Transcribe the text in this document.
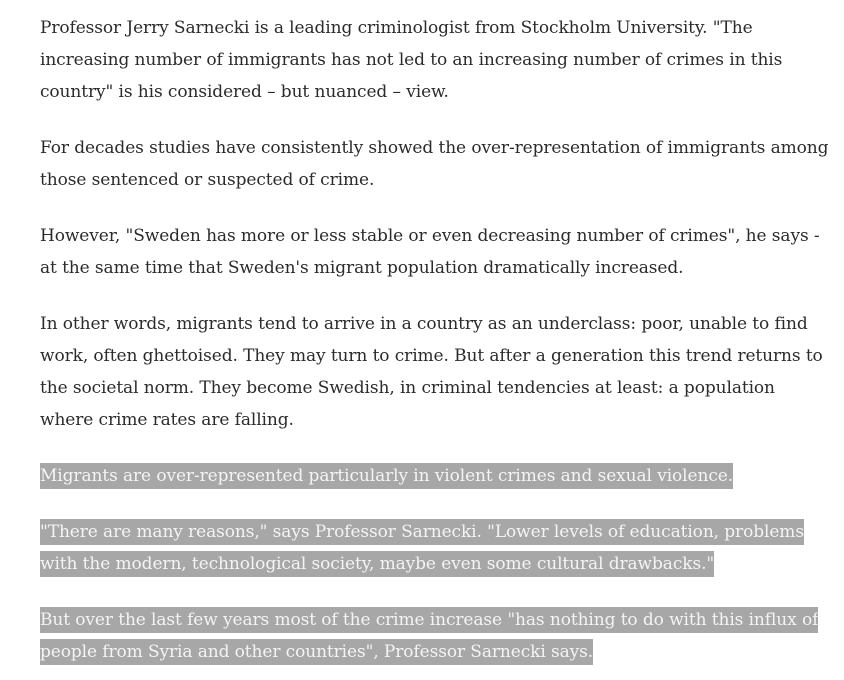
Professor Jerry Sarnecki is a leading criminologist from Stockholm University. "The increasing number of immigrants has not led to an increasing number of crimes in this country" is his considered – but nuanced – view.

For decades studies have consistently showed the over-representation of immigrants among those sentenced or suspected of crime.

However, "Sweden has more or less stable or even decreasing number of crimes", he says - at the same time that Sweden's migrant population dramatically increased.

In other words, migrants tend to arrive in a country as an underclass: poor, unable to find work, often ghettoised. They may turn to crime. But after a generation this trend returns to the societal norm. They become Swedish, in criminal tendencies at least: a population where crime rates are falling.

Migrants are over-represented particularly in violent crimes and sexual violence.

"There are many reasons," says Professor Sarnecki. "Lower levels of education, problems with the modern, technological society, maybe even some cultural drawbacks."

But over the last few years most of the crime increase "has nothing to do with this influx of people from Syria and other countries", Professor Sarnecki says.
